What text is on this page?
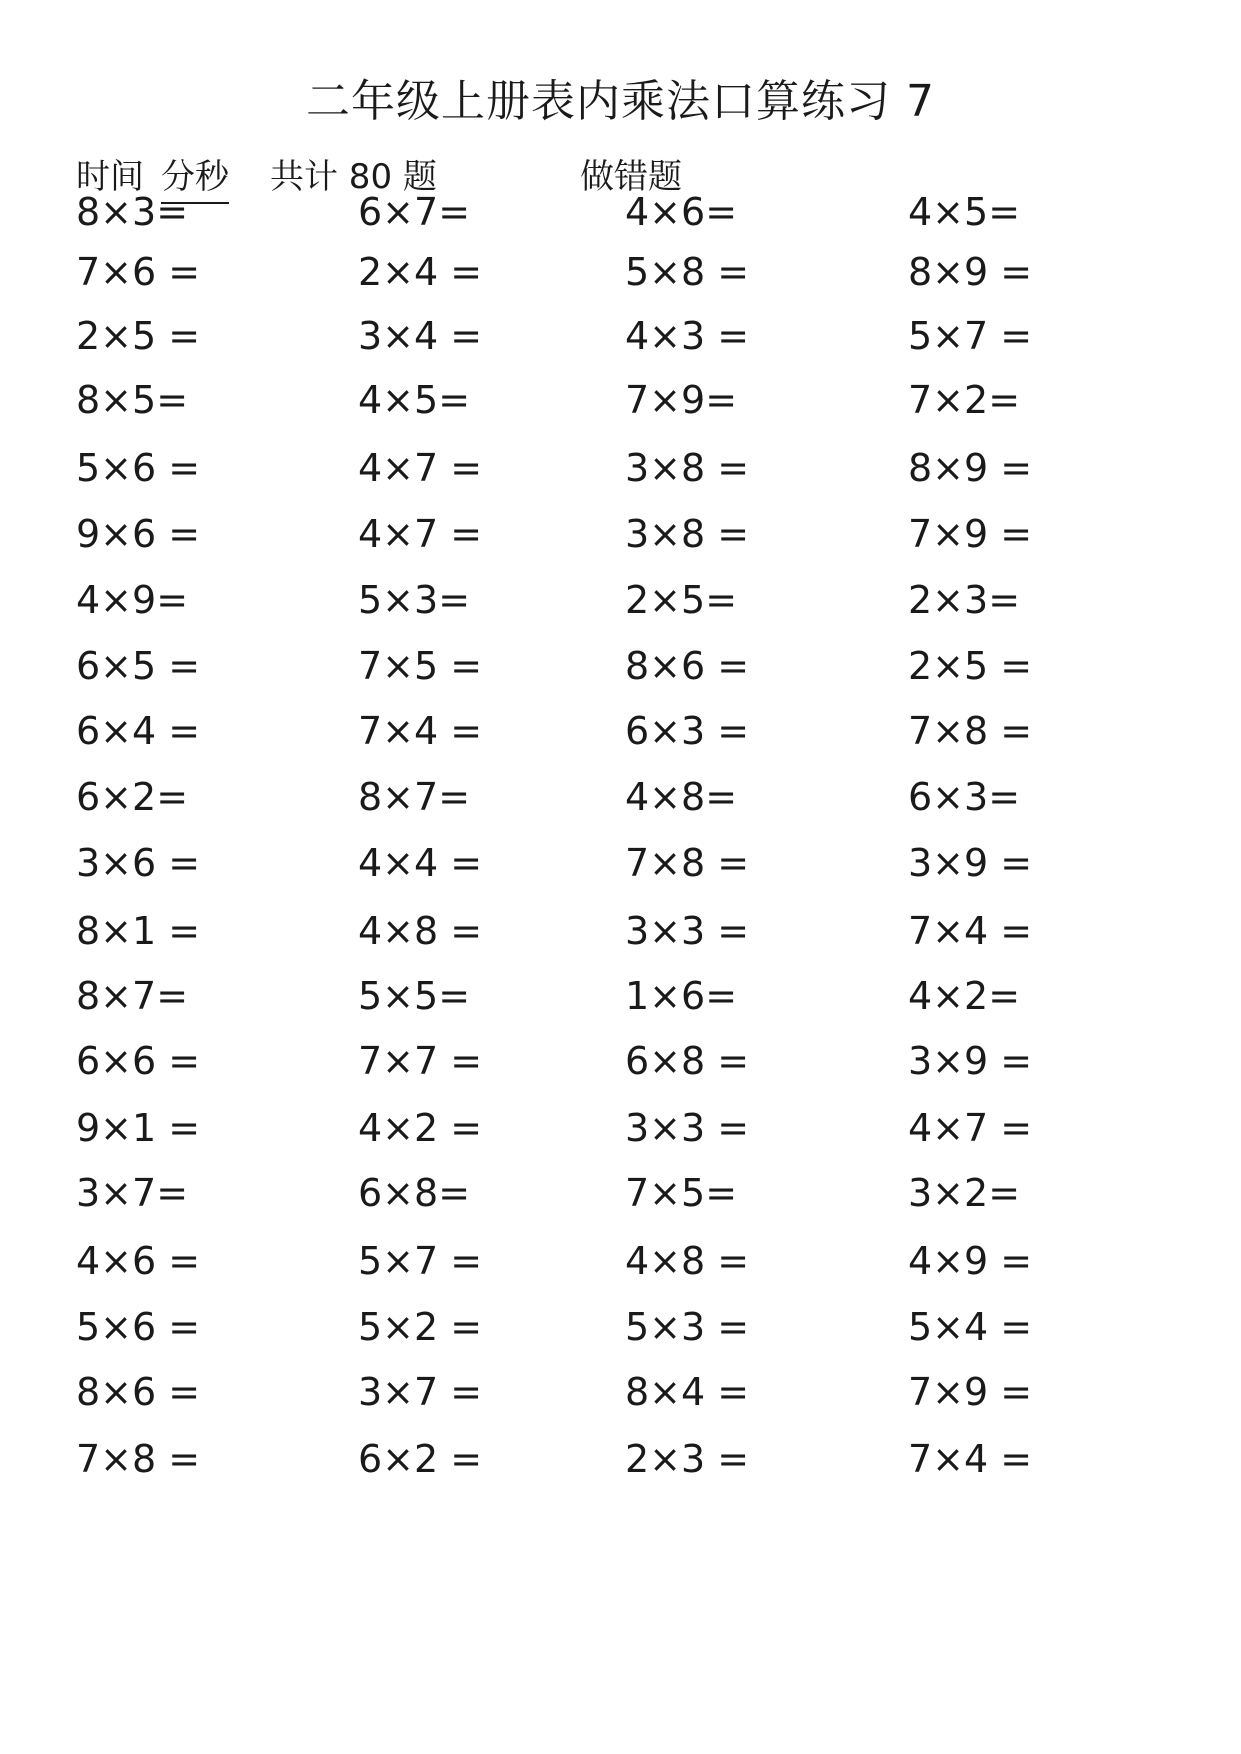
二年级上册表内乘法口算练习 7
时间 分秒 共计 80 题	做错题
8×3=	6×7=	4×6=	4×5=
7×6 =	2×4 =	5×8 =	8×9 =
2×5 =	3×4 =	4×3 =	5×7 =
8×5=	4×5=	7×9=	7×2=
5×6 =	4×7 =	3×8 =	8×9 =
9×6 =	4×7 =	3×8 =	7×9 =
4×9=	5×3=	2×5=	2×3=
6×5 =	7×5 =	8×6 =	2×5 =
6×4 =	7×4 =	6×3 =	7×8 =
6×2=	8×7=	4×8=	6×3=
3×6 =	4×4 =	7×8 =	3×9 =
8×1 =	4×8 =	3×3 =	7×4 =
8×7=	5×5=	1×6=	4×2=
6×6 =	7×7 =	6×8 =	3×9 =
9×1 =	4×2 =	3×3 =	4×7 =
3×7=	6×8=	7×5=	3×2=
4×6 =	5×7 =	4×8 =	4×9 =
5×6 =	5×2 =	5×3 =	5×4 =
8×6 =	3×7 =	8×4 =	7×9 =
7×8 =	6×2 =	2×3 =	7×4 =
